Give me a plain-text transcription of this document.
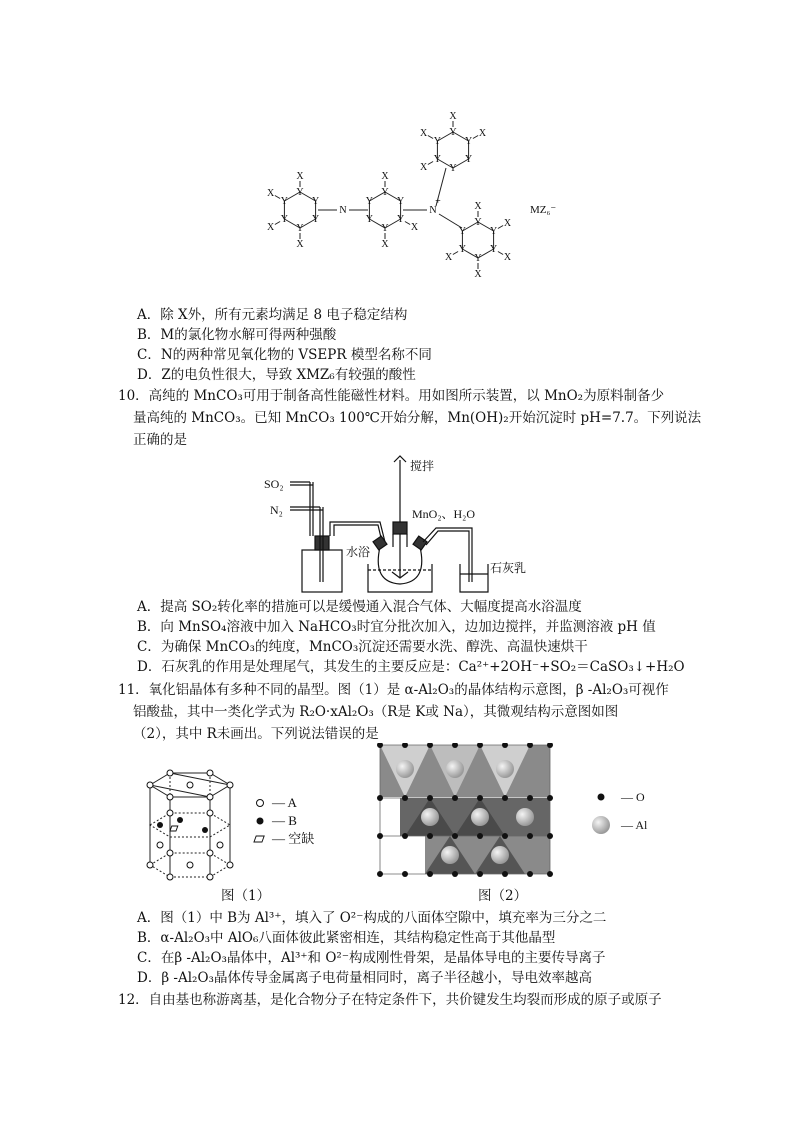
Y
Y
Y
Y
Y
Y
X
X
X
X
N
Y
Y
Y
Y
Y
Y
X
X
X
N
+
Y
Y
Y
Y
Y
Y
X
X
X
X
Y
Y
Y
Y
Y
Y
X
X
X
X
X
MZ₆⁻
A．除 X外，所有元素均满足 8 电子稳定结构
B．M的氯化物水解可得两种强酸
C．N的两种常见氧化物的 VSEPR 模型名称不同
D．Z的电负性很大，导致 XMZ₆有较强的酸性
10．高纯的 MnCO₃可用于制备高性能磁性材料。用如图所示装置，以 MnO₂为原料制备少
量高纯的 MnCO₃。已知 MnCO₃ 100℃开始分解，Mn(OH)₂开始沉淀时 pH=7.7。下列说法
正确的是
搅拌
SO₂
N₂	MnO₂、H₂O
水浴
石灰乳
A．提高 SO₂转化率的措施可以是缓慢通入混合气体、大幅度提高水浴温度
B．向 MnSO₄溶液中加入 NaHCO₃时宜分批次加入，边加边搅拌，并监测溶液 pH 值
C．为确保 MnCO₃的纯度，MnCO₃沉淀还需要水洗、醇洗、高温快速烘干
D．石灰乳的作用是处理尾气，其发生的主要反应是：Ca²⁺+2OH⁻+SO₂＝CaSO₃↓+H₂O
11．氧化铝晶体有多种不同的晶型。图（1）是 α-Al₂O₃的晶体结构示意图，β -Al₂O₃可视作
铝酸盐，其中一类化学式为 R₂O·xAl₂O₃（R是 K或 Na），其微观结构示意图如图
（2），其中 R未画出。下列说法错误的是
— A
— B
— 空缺
— O
— Al
图（1）	图（2）
A．图（1）中 B为 Al³⁺，填入了 O²⁻构成的八面体空隙中，填充率为三分之二
B．α-Al₂O₃中 AlO₆八面体彼此紧密相连，其结构稳定性高于其他晶型
C．在β -Al₂O₃晶体中，Al³⁺和 O²⁻构成刚性骨架，是晶体导电的主要传导离子
D．β -Al₂O₃晶体传导金属离子电荷量相同时，离子半径越小，导电效率越高
12．自由基也称游离基，是化合物分子在特定条件下，共价键发生均裂而形成的原子或原子
